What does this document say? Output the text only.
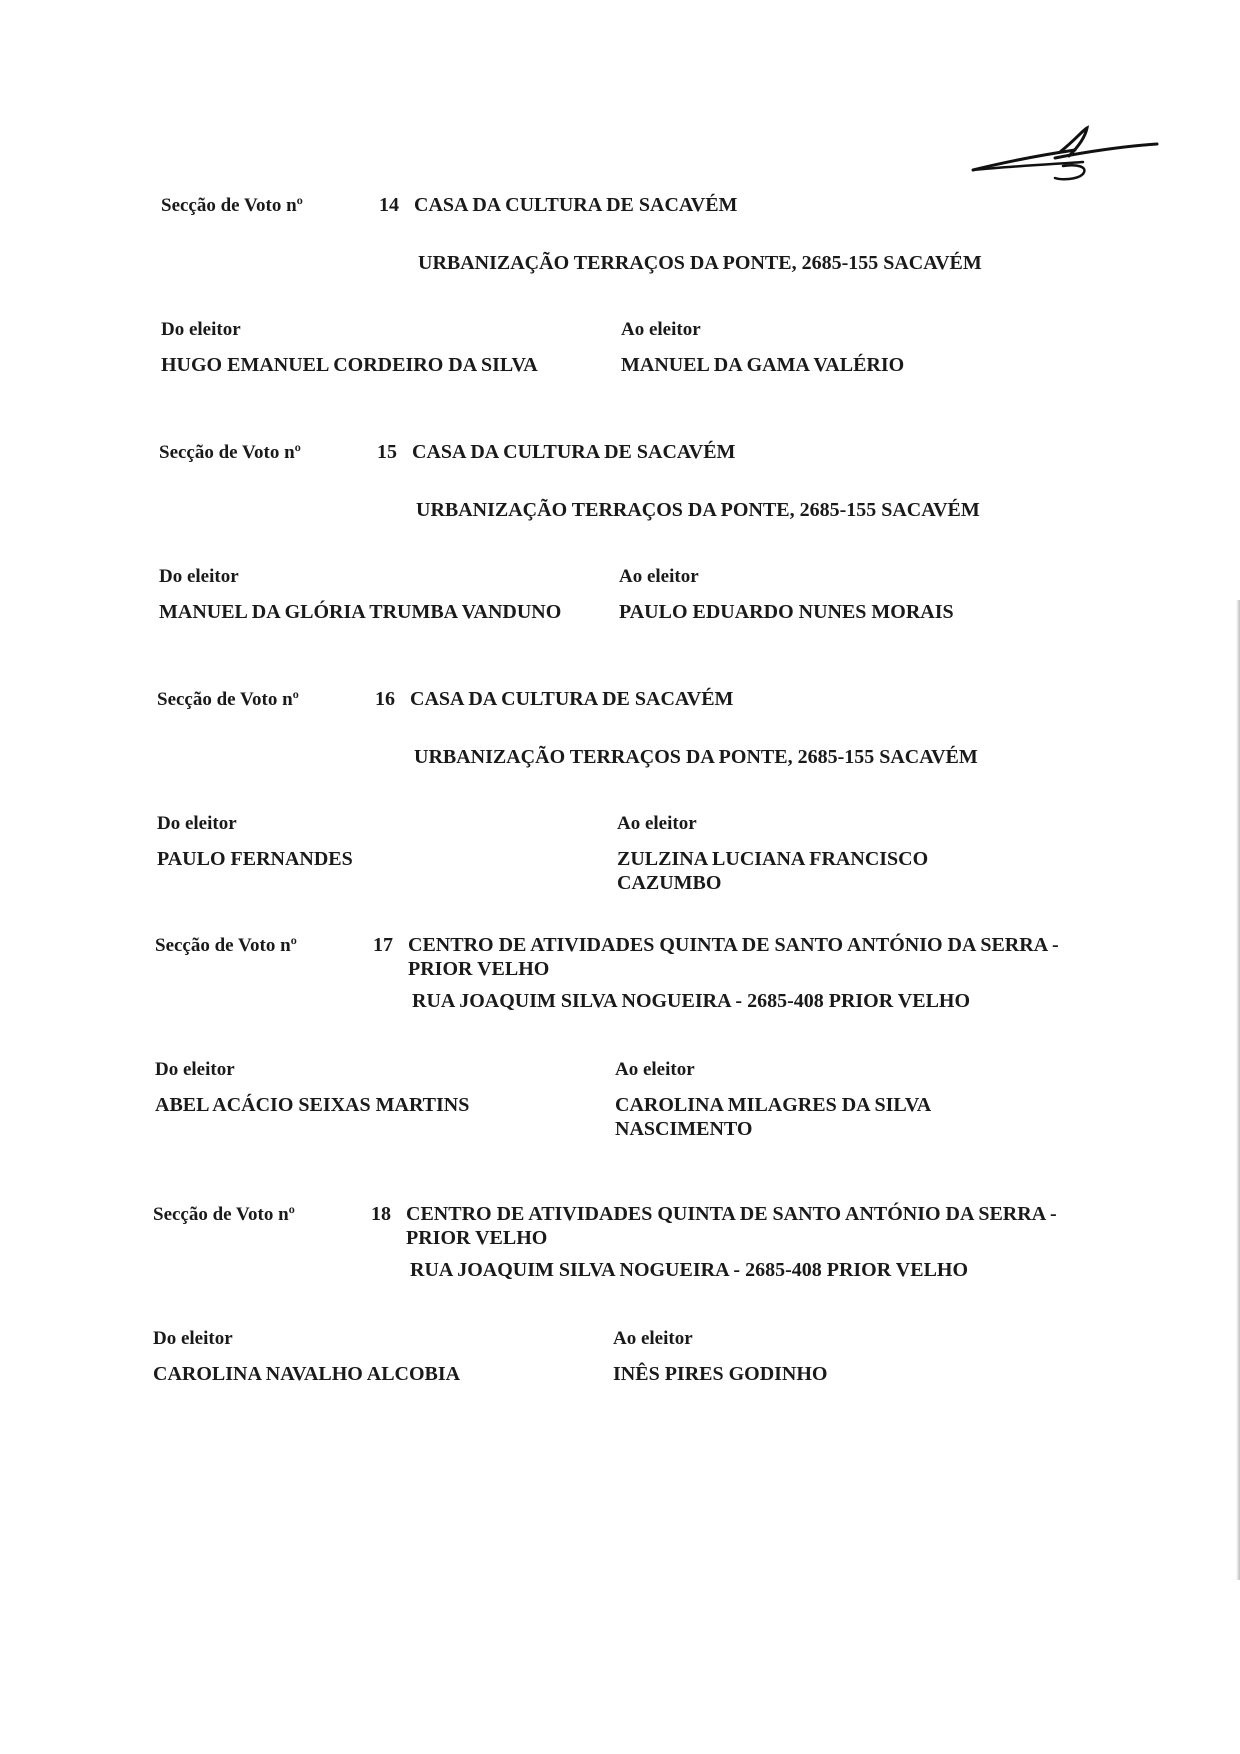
Secção de Voto nº	14 CASA DA CULTURA DE SACAVÉM
URBANIZAÇÃO TERRAÇOS DA PONTE, 2685-155 SACAVÉM
Do eleitor	Ao eleitor
HUGO EMANUEL CORDEIRO DA SILVA	MANUEL DA GAMA VALÉRIO
Secção de Voto nº	15 CASA DA CULTURA DE SACAVÉM
URBANIZAÇÃO TERRAÇOS DA PONTE, 2685-155 SACAVÉM
Do eleitor	Ao eleitor
MANUEL DA GLÓRIA TRUMBA VANDUNO	PAULO EDUARDO NUNES MORAIS
Secção de Voto nº	16 CASA DA CULTURA DE SACAVÉM
URBANIZAÇÃO TERRAÇOS DA PONTE, 2685-155 SACAVÉM
Do eleitor	Ao eleitor
PAULO FERNANDES	ZULZINA LUCIANA FRANCISCO CAZUMBO
Secção de Voto nº	17 CENTRO DE ATIVIDADES QUINTA DE SANTO ANTÓNIO DA SERRA - PRIOR VELHO
RUA JOAQUIM SILVA NOGUEIRA - 2685-408 PRIOR VELHO
Do eleitor	Ao eleitor
ABEL ACÁCIO SEIXAS MARTINS	CAROLINA MILAGRES DA SILVA NASCIMENTO
Secção de Voto nº	18 CENTRO DE ATIVIDADES QUINTA DE SANTO ANTÓNIO DA SERRA - PRIOR VELHO
RUA JOAQUIM SILVA NOGUEIRA - 2685-408 PRIOR VELHO
Do eleitor	Ao eleitor
CAROLINA NAVALHO ALCOBIA	INÊS PIRES GODINHO
